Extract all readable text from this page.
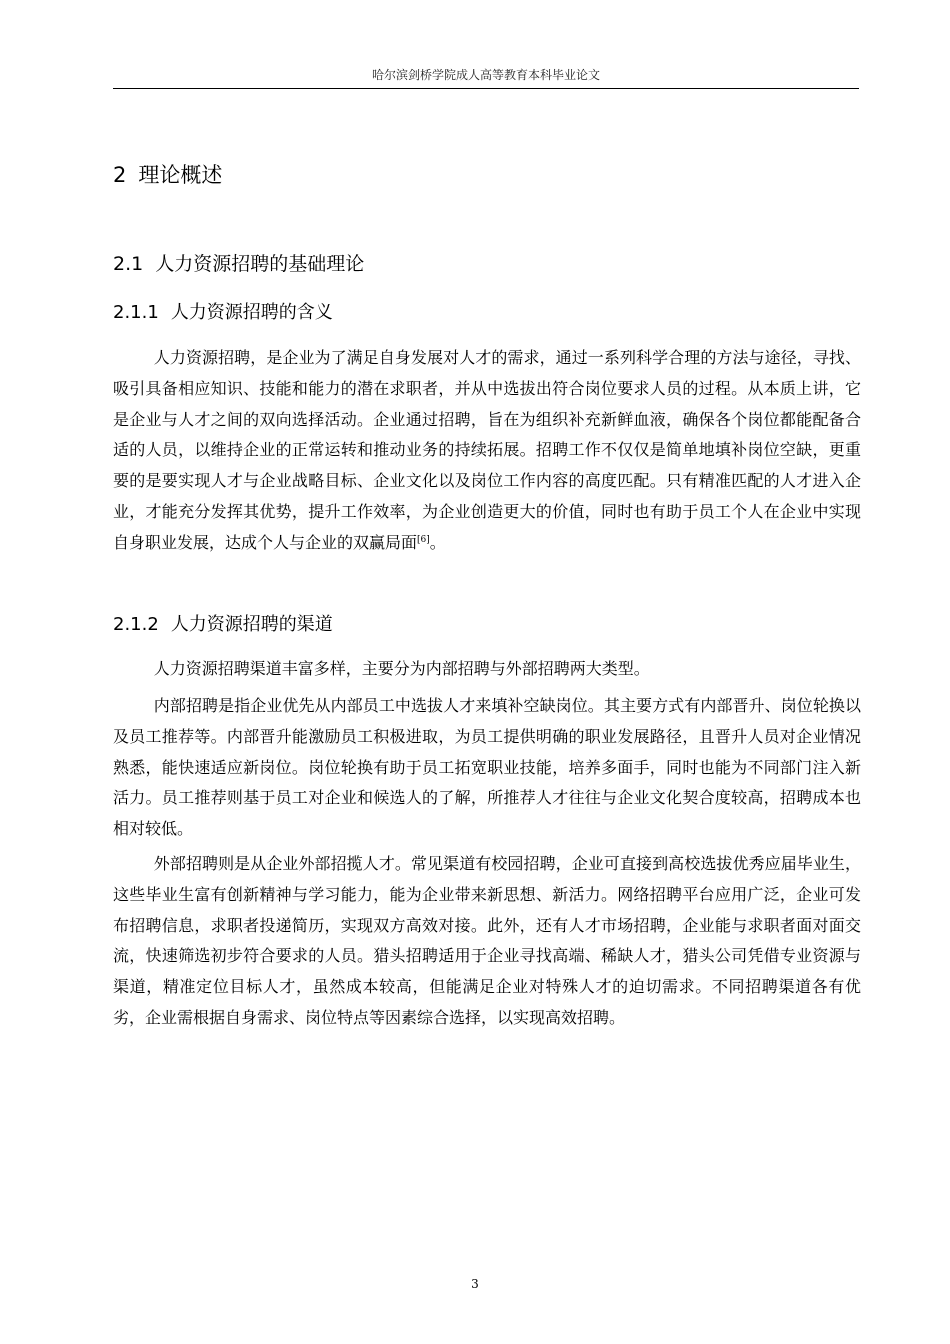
哈尔滨剑桥学院成人高等教育本科毕业论文
2 理论概述
2.1 人力资源招聘的基础理论
2.1.1 人力资源招聘的含义

人力资源招聘，是企业为了满足自身发展对人才的需求，通过一系列科学合理的方法与途径，寻找、吸引具备相应知识、技能和能力的潜在求职者，并从中选拔出符合岗位要求人员的过程。从本质上讲，它是企业与人才之间的双向选择活动。企业通过招聘，旨在为组织补充新鲜血液，确保各个岗位都能配备合适的人员，以维持企业的正常运转和推动业务的持续拓展。招聘工作不仅仅是简单地填补岗位空缺，更重要的是要实现人才与企业战略目标、企业文化以及岗位工作内容的高度匹配。只有精准匹配的人才进入企业，才能充分发挥其优势，提升工作效率，为企业创造更大的价值，同时也有助于员工个人在企业中实现自身职业发展，达成个人与企业的双赢局面[6]。

2.1.2 人力资源招聘的渠道

人力资源招聘渠道丰富多样，主要分为内部招聘与外部招聘两大类型。

内部招聘是指企业优先从内部员工中选拔人才来填补空缺岗位。其主要方式有内部晋升、岗位轮换以及员工推荐等。内部晋升能激励员工积极进取，为员工提供明确的职业发展路径，且晋升人员对企业情况熟悉，能快速适应新岗位。岗位轮换有助于员工拓宽职业技能，培养多面手，同时也能为不同部门注入新活力。员工推荐则基于员工对企业和候选人的了解，所推荐人才往往与企业文化契合度较高，招聘成本也相对较低。

外部招聘则是从企业外部招揽人才。常见渠道有校园招聘，企业可直接到高校选拔优秀应届毕业生，这些毕业生富有创新精神与学习能力，能为企业带来新思想、新活力。网络招聘平台应用广泛，企业可发布招聘信息，求职者投递简历，实现双方高效对接。此外，还有人才市场招聘，企业能与求职者面对面交流，快速筛选初步符合要求的人员。猎头招聘适用于企业寻找高端、稀缺人才，猎头公司凭借专业资源与渠道，精准定位目标人才，虽然成本较高，但能满足企业对特殊人才的迫切需求。不同招聘渠道各有优劣，企业需根据自身需求、岗位特点等因素综合选择，以实现高效招聘。

3
